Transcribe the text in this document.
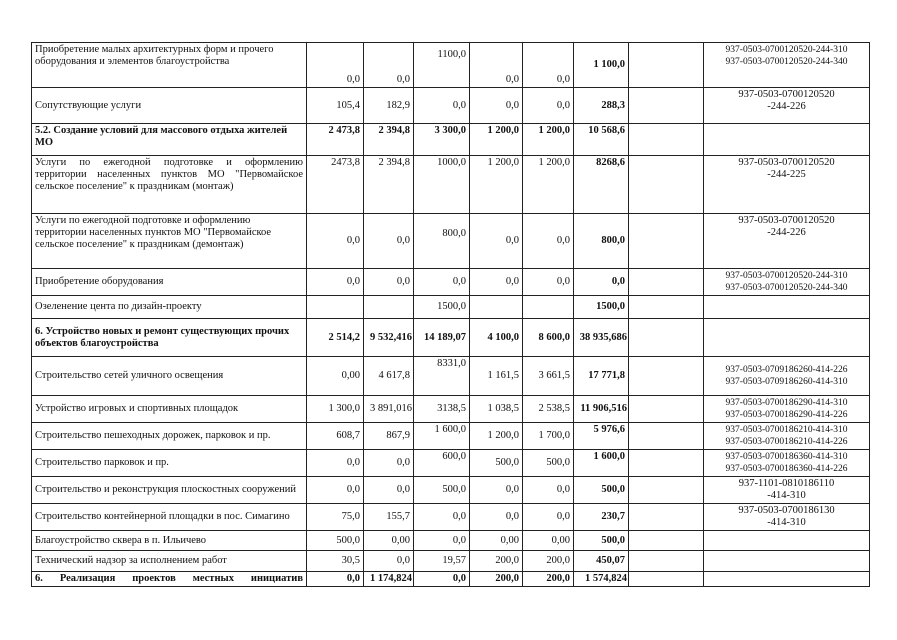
Приобретение малых архитектурных форм и прочего оборудования и элементов благоустройства	0,0	0,0	1100,0	0,0	0,0	1 100,0		937-0503-0700120520-244-310
937-0503-0700120520-244-340

Сопутствующие услуги	105,4	182,9	0,0	0,0	0,0	288,3		937-0503-0700120520
-244-226

5.2. Создание условий для массового отдыха жителей МО	2 473,8	2 394,8	3 300,0	1 200,0	1 200,0	10 568,6		
Услуги по ежегодной подготовке и оформлению территории населенных пунктов МО "Первомайское сельское поселение" к праздникам (монтаж)	2473,8	2 394,8	1000,0	1 200,0	1 200,0	8268,6		937-0503-0700120520
-244-225

Услуги по ежегодной подготовке и оформлению территории населенных пунктов МО "Первомайское сельское поселение" к праздникам (демонтаж)	0,0	0,0	800,0	0,0	0,0	800,0		937-0503-0700120520
-244-226

Приобретение оборудования	0,0	0,0	0,0	0,0	0,0	0,0		937-0503-0700120520-244-310
937-0503-0700120520-244-340

Озеленение цента по дизайн-проекту			1500,0			1500,0		
6. Устройство новых и ремонт существующих прочих объектов благоустройства	2 514,2	9 532,416	14 189,07	4 100,0	8 600,0	38 935,686		
Строительство сетей уличного освещения	0,00	4 617,8	8331,0	1 161,5	3 661,5	17 771,8		937-0503-0709186260-414-226
937-0503-0709186260-414-310

Устройство игровых и спортивных площадок	1 300,0	3 891,016	3138,5	1 038,5	2 538,5	11 906,516		937-0503-0700186290-414-310
937-0503-0700186290-414-226

Строительство пешеходных дорожек, парковок и пр.	608,7	867,9	1 600,0	1 200,0	1 700,0	5 976,6		937-0503-0700186210-414-310
937-0503-0700186210-414-226

Строительство парковок и пр.	0,0	0,0	600,0	500,0	500,0	1 600,0		937-0503-0700186360-414-310
937-0503-0700186360-414-226

Строительство и реконструкция плоскостных сооружений	0,0	0,0	500,0	0,0	0,0	500,0		937-1101-0810186110
-414-310

Строительство контейнерной площадки в пос. Симагино	75,0	155,7	0,0	0,0	0,0	230,7		937-0503-0700186130
-414-310

Благоустройство сквера в п. Ильичево	500,0	0,00	0,0	0,00	0,00	500,0		
Технический надзор за исполнением работ	30,5	0,0	19,57	200,0	200,0	450,07		
6. Реализация проектов местных инициатив	0,0	1 174,824	0,0	200,0	200,0	1 574,824		
